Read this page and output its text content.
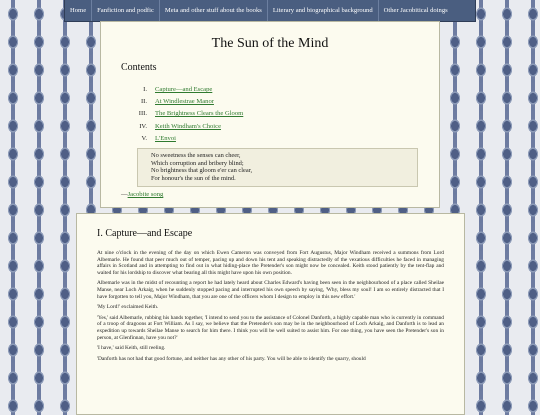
Home	Fanfiction and podfic	Meta and other stuff about the books	Literary and biographical background	Other Jacobitical doings
The Sun of the Mind
Contents
I. Capture—and Escape
II. At Windlestrae Manor
III. The Brightness Clears the Gloom
IV. Keith Windham's Choice
V. L'Envoi
No sweetness the senses can cheer,
Which corruption and bribery blind;
No brightness that gloom e'er can clear,
For honour's the sun of the mind.
—Jacobite song
I. Capture—and Escape

At nine o'clock in the evening of the day on which Ewen Cameron was conveyed from Fort Augustus, Major Windham received a summons from Lord Albemarle. He found that peer much out of temper, pacing up and down his tent and speaking distractedly of the vexatious difficulties he faced in managing affairs in Scotland and in attempting to find out in what hiding-place the Pretender's son might now be concealed. Keith stood patiently by the tent-flap and waited for his lordship to discover what bearing all this might have upon his own position.

Albemarle was in the midst of recounting a report he had lately heard about Charles Edward's having been seen in the neighbourhood of a place called Sheilae Manse, near Loch Arkaig, when he suddenly stopped pacing and interrupted his own speech by saying, 'Why, bless my soul! I am so entirely distracted that I have forgotten to tell you, Major Windham, that you are one of the officers whom I design to employ in this new effort.'

'My Lord!' exclaimed Keith.

'Yes,' said Albemarle, rubbing his hands together, 'I intend to send you to the assistance of Colonel Danforth, a highly capable man who is currently in command of a troop of dragoons at Fort William. As I say, we believe that the Pretender's son may be in the neighbourhood of Loch Arkaig, and Danforth is to lead an expedition up towards Sheilae Manse to search for him there. I think you will be well suited to assist him. For one thing, you have seen the Pretender's son in person, at Glenfinnan, have you not?'

'I have,' said Keith, still reeling.

'Danforth has not had that good fortune, and neither has any other of his party. You will be able to identify the quarry, should
